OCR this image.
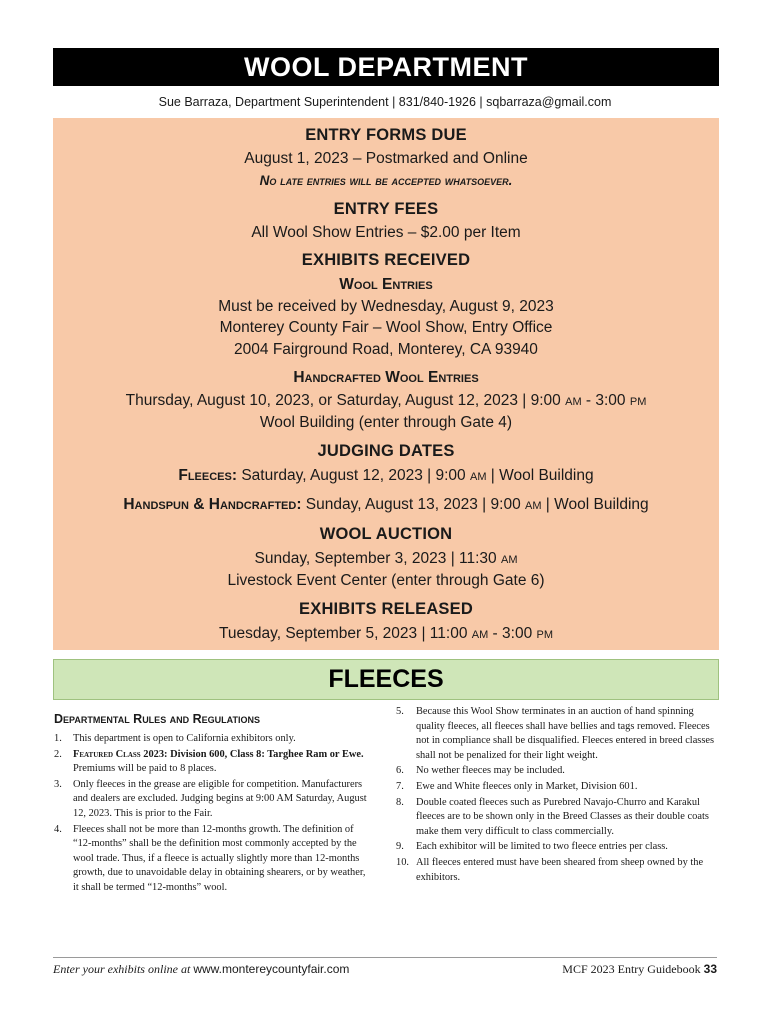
WOOL DEPARTMENT
Sue Barraza, Department Superintendent | 831/840-1926 | sqbarraza@gmail.com
ENTRY FORMS DUE
August 1, 2023 – Postmarked and Online
No late entries will be accepted whatsoever.
ENTRY FEES
All Wool Show Entries – $2.00 per Item
EXHIBITS RECEIVED
Wool Entries
Must be received by Wednesday, August 9, 2023
Monterey County Fair – Wool Show, Entry Office
2004 Fairground Road, Monterey, CA 93940
Handcrafted Wool Entries
Thursday, August 10, 2023, or Saturday, August 12, 2023 | 9:00 am - 3:00 pm
Wool Building (enter through Gate 4)
JUDGING DATES
Fleeces: Saturday, August 12, 2023 | 9:00 am | Wool Building
Handspun & Handcrafted: Sunday, August 13, 2023 | 9:00 am | Wool Building
WOOL AUCTION
Sunday, September 3, 2023 | 11:30 am
Livestock Event Center (enter through Gate 6)
EXHIBITS RELEASED
Tuesday, September 5, 2023 | 11:00 am - 3:00 pm
FLEECES
Departmental Rules and Regulations
1. This department is open to California exhibitors only.
2. Featured Class 2023: Division 600, Class 8: Targhee Ram or Ewe. Premiums will be paid to 8 places.
3. Only fleeces in the grease are eligible for competition. Manufacturers and dealers are excluded. Judging begins at 9:00 AM Saturday, August 12, 2023. This is prior to the Fair.
4. Fleeces shall not be more than 12-months growth. The definition of “12-months” shall be the definition most commonly accepted by the wool trade. Thus, if a fleece is actually slightly more than 12-months growth, due to unavoidable delay in obtaining shearers, or by weather, it shall be termed “12-months” wool.
5. Because this Wool Show terminates in an auction of hand spinning quality fleeces, all fleeces shall have bellies and tags removed. Fleeces not in compliance shall be disqualified. Fleeces entered in breed classes shall not be penalized for their light weight.
6. No wether fleeces may be included.
7. Ewe and White fleeces only in Market, Division 601.
8. Double coated fleeces such as Purebred Navajo-Churro and Karakul fleeces are to be shown only in the Breed Classes as their double coats make them very difficult to class commercially.
9. Each exhibitor will be limited to two fleece entries per class.
10. All fleeces entered must have been sheared from sheep owned by the exhibitors.
Enter your exhibits online at www.montereycountyfair.com	MCF 2023 Entry Guidebook 33
